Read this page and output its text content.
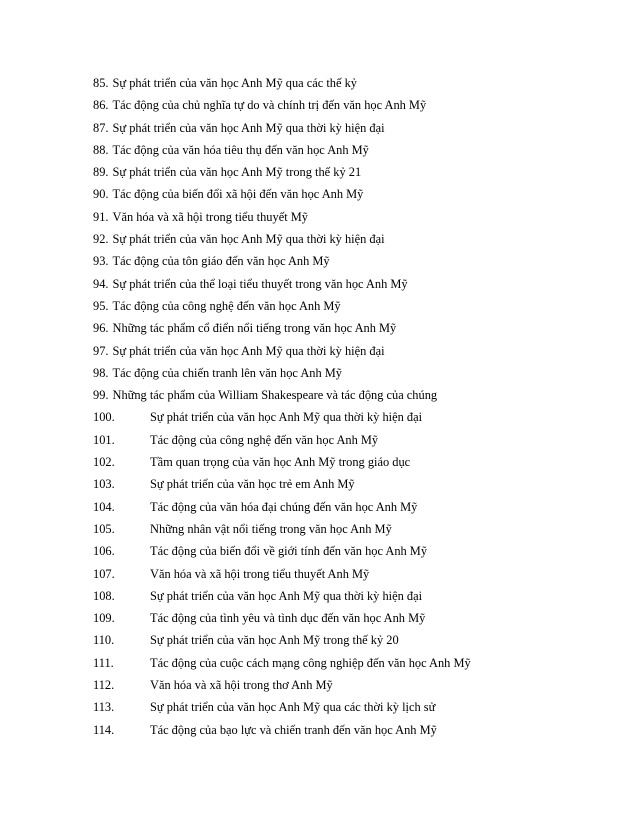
85. Sự phát triển của văn học Anh Mỹ qua các thế kỷ
86. Tác động của chủ nghĩa tự do và chính trị đến văn học Anh Mỹ
87. Sự phát triển của văn học Anh Mỹ qua thời kỳ hiện đại
88. Tác động của văn hóa tiêu thụ đến văn học Anh Mỹ
89. Sự phát triển của văn học Anh Mỹ trong thế kỷ 21
90. Tác động của biến đổi xã hội đến văn học Anh Mỹ
91. Văn hóa và xã hội trong tiểu thuyết Mỹ
92. Sự phát triển của văn học Anh Mỹ qua thời kỳ hiện đại
93. Tác động của tôn giáo đến văn học Anh Mỹ
94. Sự phát triển của thể loại tiểu thuyết trong văn học Anh Mỹ
95. Tác động của công nghệ đến văn học Anh Mỹ
96. Những tác phẩm cổ điển nổi tiếng trong văn học Anh Mỹ
97. Sự phát triển của văn học Anh Mỹ qua thời kỳ hiện đại
98. Tác động của chiến tranh lên văn học Anh Mỹ
99. Những tác phẩm của William Shakespeare và tác động của chúng
100.	Sự phát triển của văn học Anh Mỹ qua thời kỳ hiện đại
101.	Tác động của công nghệ đến văn học Anh Mỹ
102.	Tầm quan trọng của văn học Anh Mỹ trong giáo dục
103.	Sự phát triển của văn học trẻ em Anh Mỹ
104.	Tác động của văn hóa đại chúng đến văn học Anh Mỹ
105.	Những nhân vật nổi tiếng trong văn học Anh Mỹ
106.	Tác động của biến đổi về giới tính đến văn học Anh Mỹ
107.	Văn hóa và xã hội trong tiểu thuyết Anh Mỹ
108.	Sự phát triển của văn học Anh Mỹ qua thời kỳ hiện đại
109.	Tác động của tình yêu và tình dục đến văn học Anh Mỹ
110.	Sự phát triển của văn học Anh Mỹ trong thế kỷ 20
111.	Tác động của cuộc cách mạng công nghiệp đến văn học Anh Mỹ
112.	Văn hóa và xã hội trong thơ Anh Mỹ
113.	Sự phát triển của văn học Anh Mỹ qua các thời kỳ lịch sử
114.	Tác động của bạo lực và chiến tranh đến văn học Anh Mỹ
